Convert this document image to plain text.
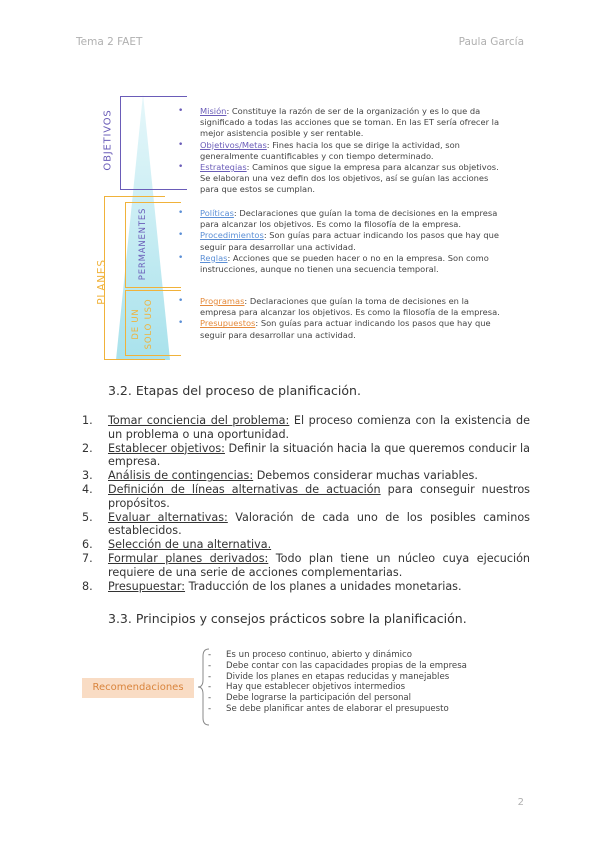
Tema 2 FAET	Paula García
OBJETIVOS
PLANES
PERMANENTES
DE UN SOLO USO
• Misión: Constituye la razón de ser de la organización y es lo que da significado a todas las acciones que se toman. En las ET sería ofrecer la mejor asistencia posible y ser rentable.
• Objetivos/Metas: Fines hacia los que se dirige la actividad, son generalmente cuantificables y con tiempo determinado.
• Estrategias: Caminos que sigue la empresa para alcanzar sus objetivos. Se elaboran una vez defin dos los objetivos, así se guían las acciones para que estos se cumplan.
• Políticas: Declaraciones que guían la toma de decisiones en la empresa para alcanzar los objetivos. Es como la filosofía de la empresa.
• Procedimientos: Son guías para actuar indicando los pasos que hay que seguir para desarrollar una actividad.
• Reglas: Acciones que se pueden hacer o no en la empresa. Son como instrucciones, aunque no tienen una secuencia temporal.
• Programas: Declaraciones que guían la toma de decisiones en la empresa para alcanzar los objetivos. Es como la filosofía de la empresa.
• Presupuestos: Son guías para actuar indicando los pasos que hay que seguir para desarrollar una actividad.
3.2. Etapas del proceso de planificación.
1.	Tomar conciencia del problema: El proceso comienza con la existencia de un problema o una oportunidad.
2.	Establecer objetivos: Definir la situación hacia la que queremos conducir la empresa.
3.	Análisis de contingencias: Debemos considerar muchas variables.
4.	Definición de líneas alternativas de actuación para conseguir nuestros propósitos.
5.	Evaluar alternativas: Valoración de cada uno de los posibles caminos establecidos.
6.	Selección de una alternativa.
7.	Formular planes derivados: Todo plan tiene un núcleo cuya ejecución requiere de una serie de acciones complementarias.
8.	Presupuestar: Traducción de los planes a unidades monetarias.
3.3. Principios y consejos prácticos sobre la planificación.
Recomendaciones
- Es un proceso continuo, abierto y dinámico
- Debe contar con las capacidades propias de la empresa
- Divide los planes en etapas reducidas y manejables
- Hay que establecer objetivos intermedios
- Debe lograrse la participación del personal
- Se debe planificar antes de elaborar el presupuesto
2
